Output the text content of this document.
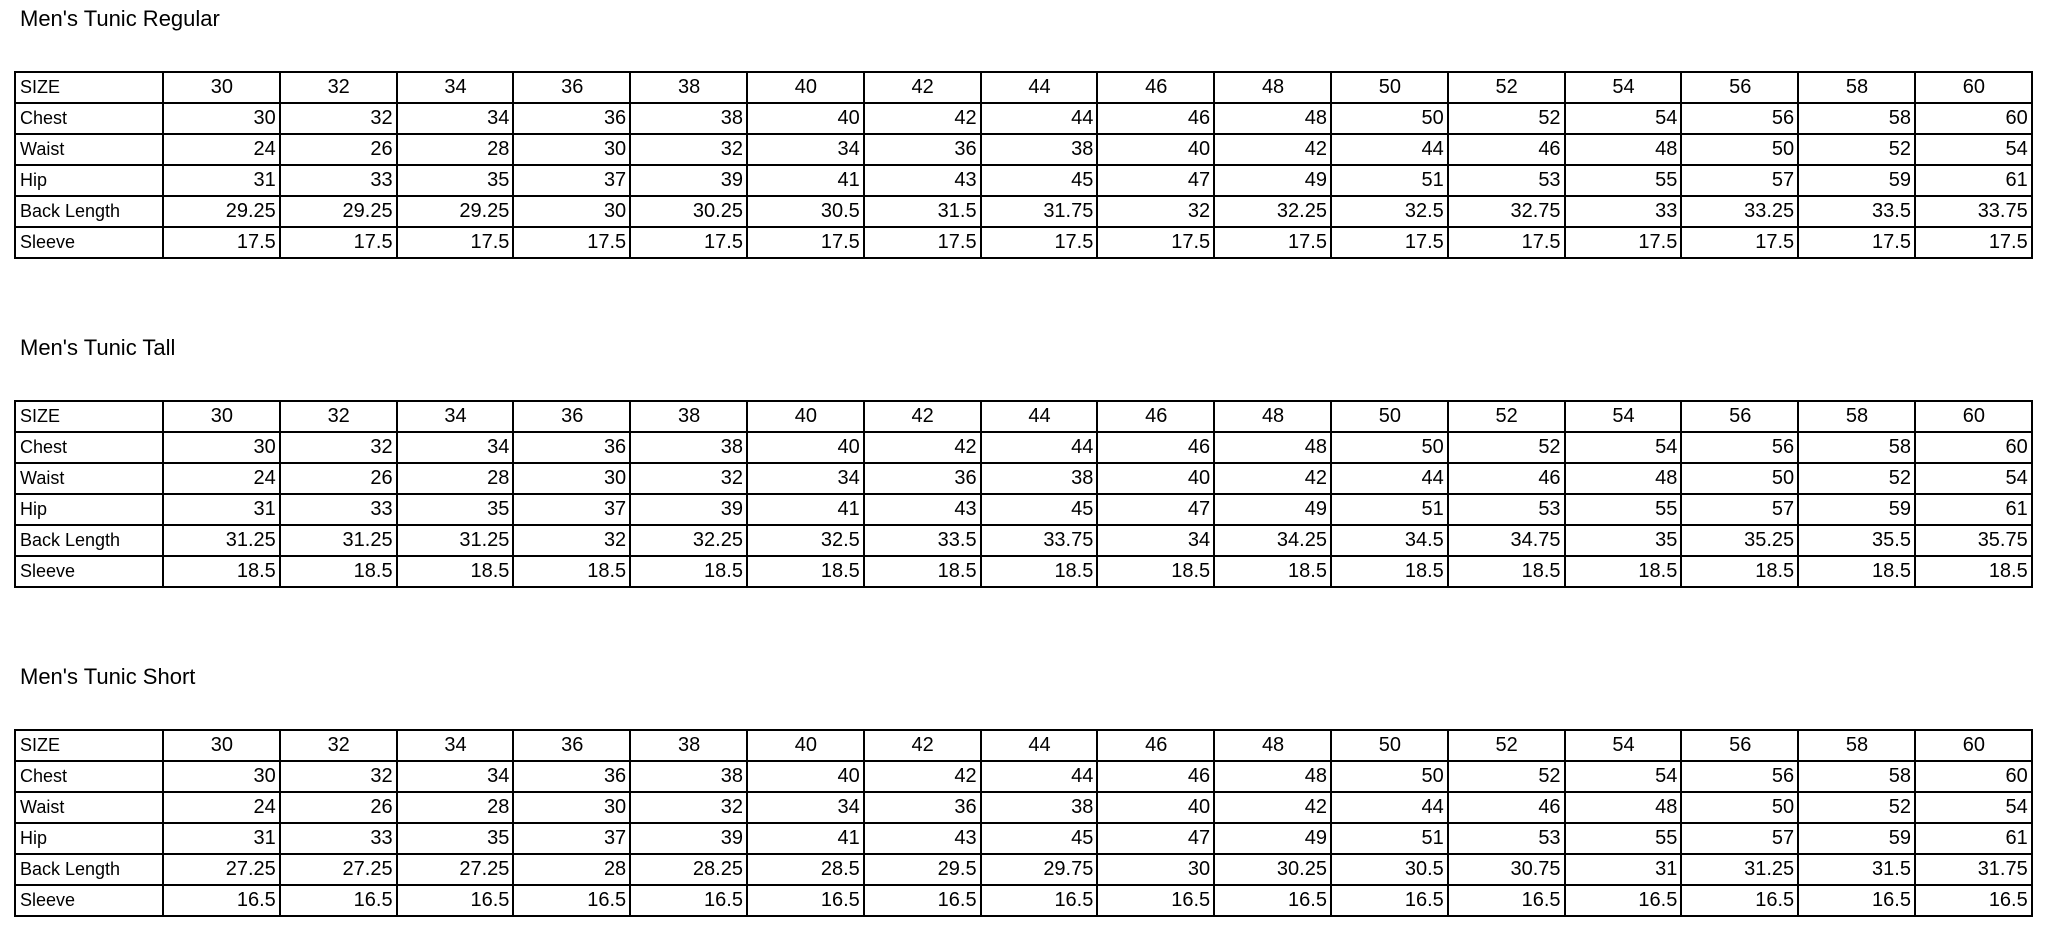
Men's Tunic Regular
SIZE	30	32	34	36	38	40	42	44	46	48	50	52	54	56	58	60
Chest	30	32	34	36	38	40	42	44	46	48	50	52	54	56	58	60
Waist	24	26	28	30	32	34	36	38	40	42	44	46	48	50	52	54
Hip	31	33	35	37	39	41	43	45	47	49	51	53	55	57	59	61
Back Length	29.25	29.25	29.25	30	30.25	30.5	31.5	31.75	32	32.25	32.5	32.75	33	33.25	33.5	33.75
Sleeve	17.5	17.5	17.5	17.5	17.5	17.5	17.5	17.5	17.5	17.5	17.5	17.5	17.5	17.5	17.5	17.5
Men's Tunic Tall
SIZE	30	32	34	36	38	40	42	44	46	48	50	52	54	56	58	60
Chest	30	32	34	36	38	40	42	44	46	48	50	52	54	56	58	60
Waist	24	26	28	30	32	34	36	38	40	42	44	46	48	50	52	54
Hip	31	33	35	37	39	41	43	45	47	49	51	53	55	57	59	61
Back Length	31.25	31.25	31.25	32	32.25	32.5	33.5	33.75	34	34.25	34.5	34.75	35	35.25	35.5	35.75
Sleeve	18.5	18.5	18.5	18.5	18.5	18.5	18.5	18.5	18.5	18.5	18.5	18.5	18.5	18.5	18.5	18.5
Men's Tunic Short
SIZE	30	32	34	36	38	40	42	44	46	48	50	52	54	56	58	60
Chest	30	32	34	36	38	40	42	44	46	48	50	52	54	56	58	60
Waist	24	26	28	30	32	34	36	38	40	42	44	46	48	50	52	54
Hip	31	33	35	37	39	41	43	45	47	49	51	53	55	57	59	61
Back Length	27.25	27.25	27.25	28	28.25	28.5	29.5	29.75	30	30.25	30.5	30.75	31	31.25	31.5	31.75
Sleeve	16.5	16.5	16.5	16.5	16.5	16.5	16.5	16.5	16.5	16.5	16.5	16.5	16.5	16.5	16.5	16.5
